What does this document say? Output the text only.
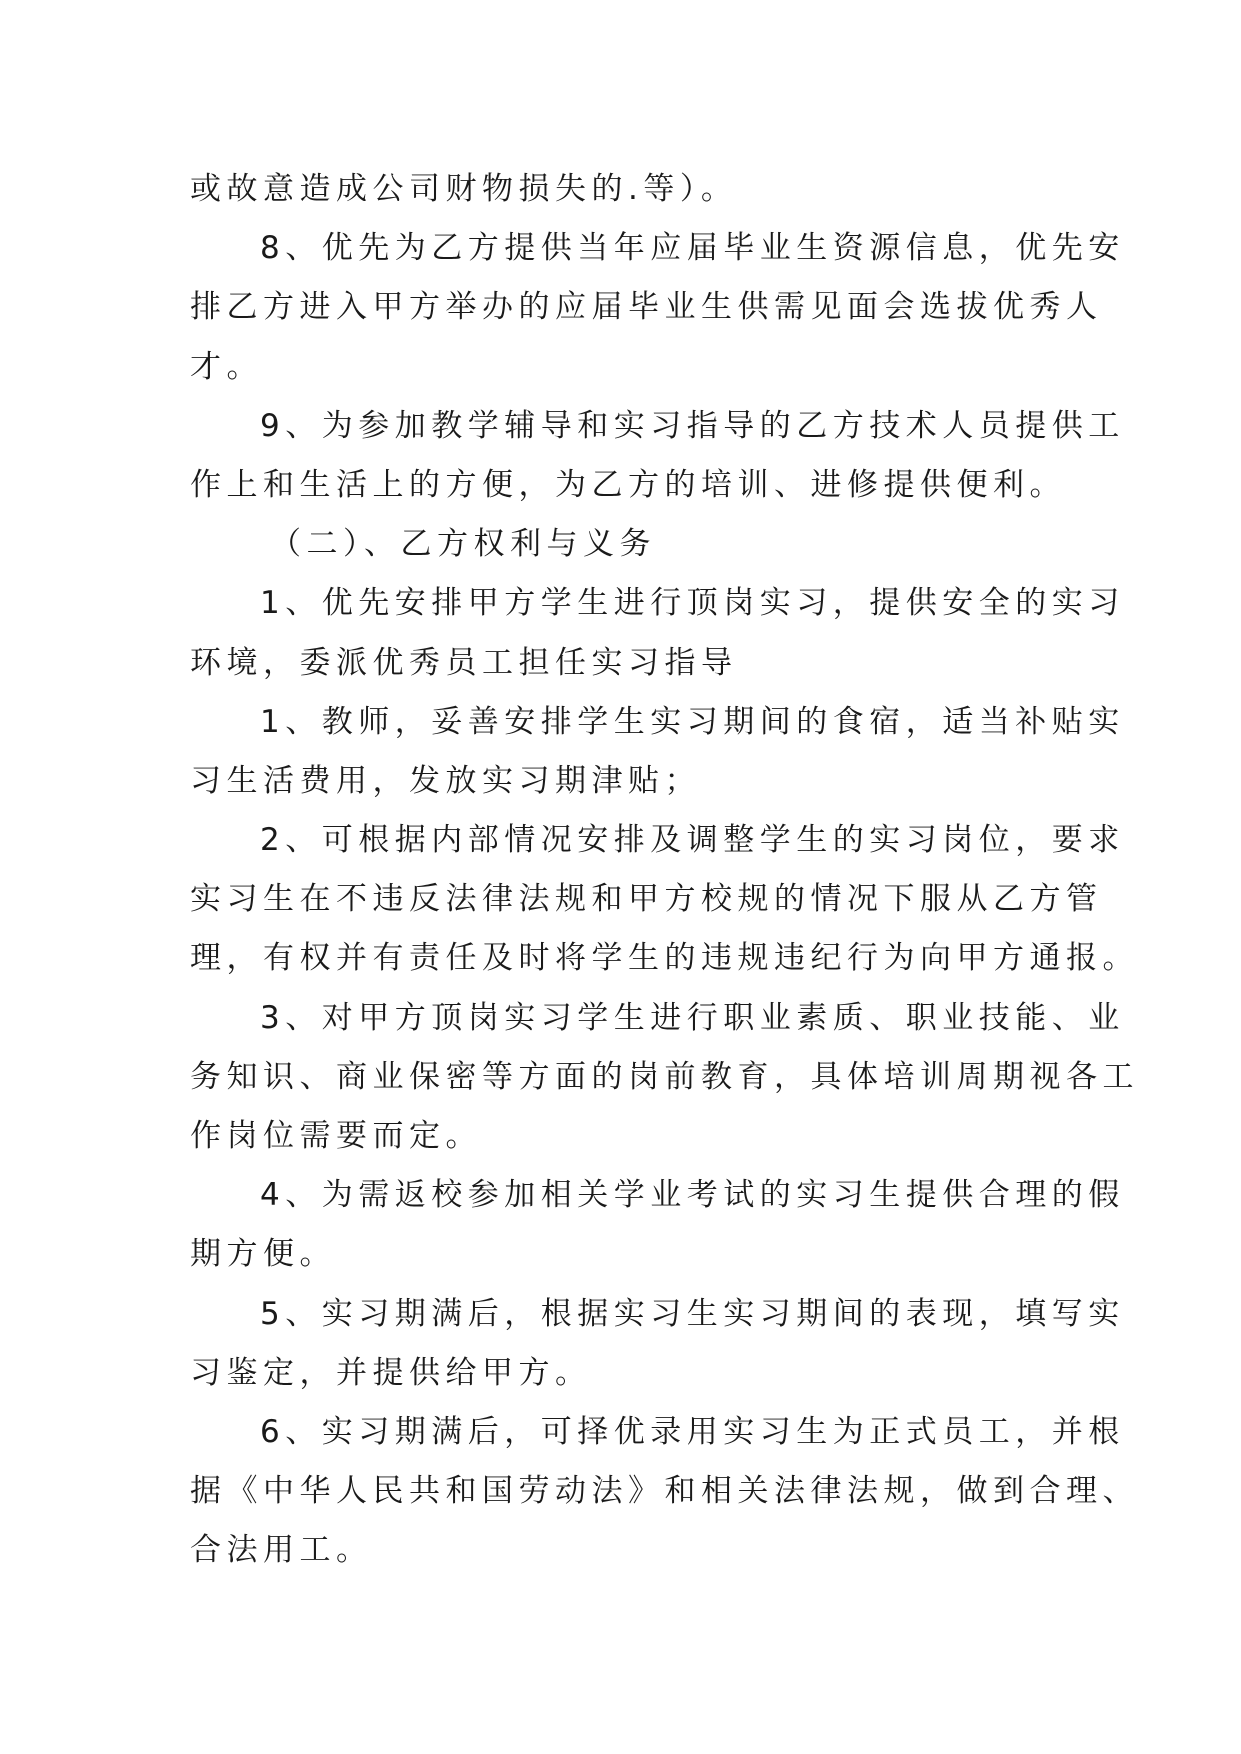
或故意造成公司财物损失的.等）。
8、优先为乙方提供当年应届毕业生资源信息，优先安
排乙方进入甲方举办的应届毕业生供需见面会选拔优秀人
才。
9、为参加教学辅导和实习指导的乙方技术人员提供工
作上和生活上的方便，为乙方的培训、进修提供便利。
（二）、乙方权利与义务
1、优先安排甲方学生进行顶岗实习，提供安全的实习
环境，委派优秀员工担任实习指导
1、教师，妥善安排学生实习期间的食宿，适当补贴实
习生活费用，发放实习期津贴；
2、可根据内部情况安排及调整学生的实习岗位，要求
实习生在不违反法律法规和甲方校规的情况下服从乙方管
理，有权并有责任及时将学生的违规违纪行为向甲方通报。
3、对甲方顶岗实习学生进行职业素质、职业技能、业
务知识、商业保密等方面的岗前教育，具体培训周期视各工
作岗位需要而定。
4、为需返校参加相关学业考试的实习生提供合理的假
期方便。
5、实习期满后，根据实习生实习期间的表现，填写实
习鉴定，并提供给甲方。
6、实习期满后，可择优录用实习生为正式员工，并根
据《中华人民共和国劳动法》和相关法律法规，做到合理、
合法用工。
